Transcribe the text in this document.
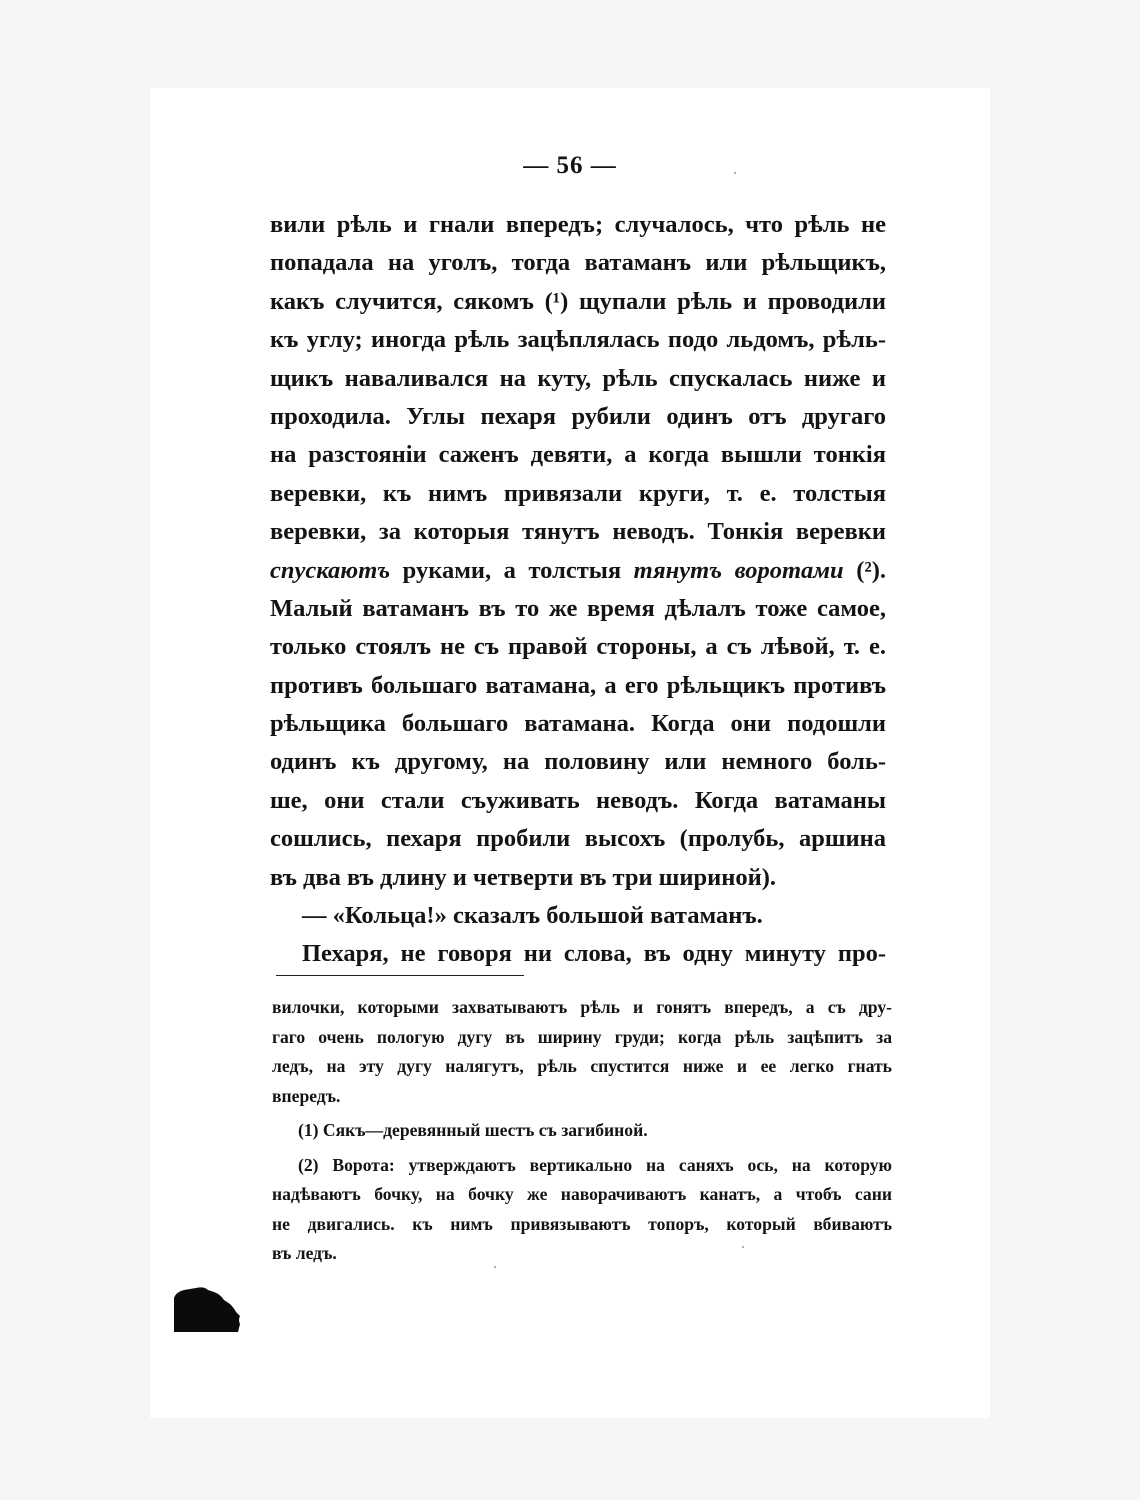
— 56 —
вили рѣль и гнали впередъ; случалось, что рѣль не
попадала на уголъ, тогда ватаманъ или рѣльщикъ,
какъ случится, сякомъ (¹) щупали рѣль и проводили
къ углу; иногда рѣль зацѣплялась подо льдомъ, рѣль-
щикъ наваливался на куту, рѣль спускалась ниже и
проходила. Углы пехаря рубили одинъ отъ другаго
на разстоянiи саженъ девяти, а когда вышли тонкiя
веревки, къ нимъ привязали круги, т. е. толстыя
веревки, за которыя тянутъ неводъ. Тонкiя веревки
спускаютъ руками, а толстыя тянутъ воротами (²).
Малый ватаманъ въ то же время дѣлалъ тоже самое,
только стоялъ не съ правой стороны, а съ лѣвой, т. е.
противъ большаго ватамана, а его рѣльщикъ противъ
рѣльщика большаго ватамана. Когда они подошли
одинъ къ другому, на половину или немного боль-
ше, они стали съуживать неводъ. Когда ватаманы
сошлись, пехаря пробили высохъ (пролубь, аршина
въ два въ длину и четверти въ три шириной).
— «Кольца!» сказалъ большой ватаманъ.
Пехаря, не говоря ни слова, въ одну минуту про-
вилочки, которыми захватываютъ рѣль и гонятъ впередъ, а съ дру-
гаго очень пологую дугу въ ширину груди; когда рѣль зацѣпитъ за
ледъ, на эту дугу налягутъ, рѣль спустится ниже и ее легко гнать
впередъ.
(1) Сякъ—деревянный шестъ съ загибиной.
(2) Ворота: утверждаютъ вертикально на саняхъ ось, на которую
надѣваютъ бочку, на бочку же наворачиваютъ канатъ, а чтобъ сани
не двигались. къ нимъ привязываютъ топоръ, который вбиваютъ
въ ледъ.
